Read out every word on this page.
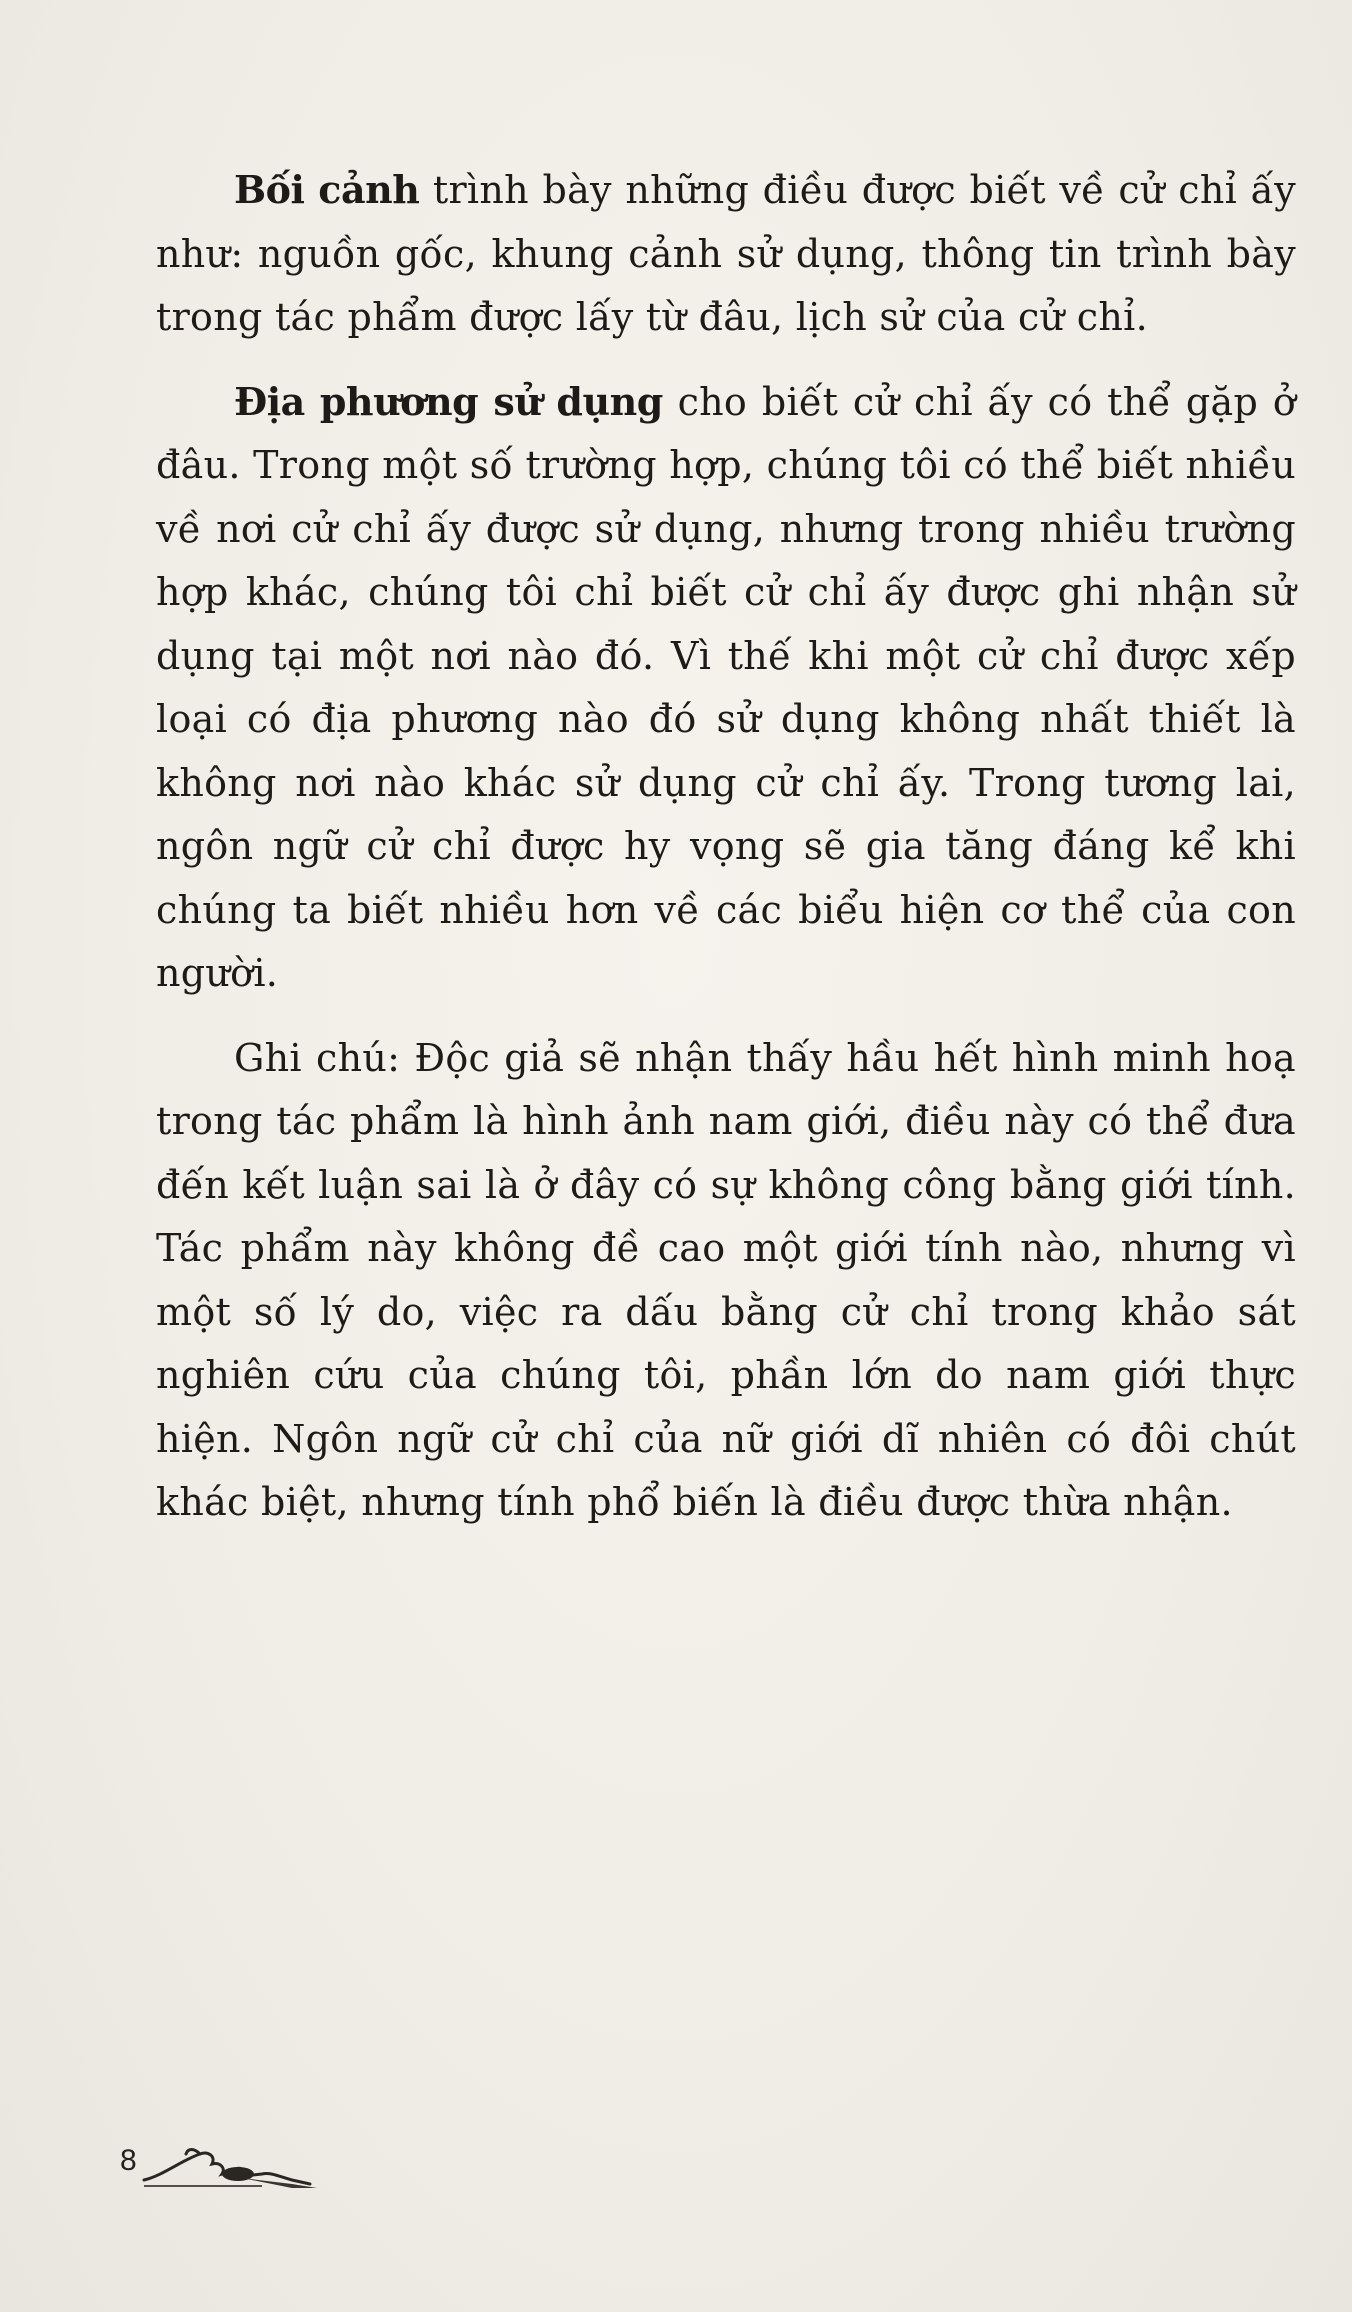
Bối cảnh trình bày những điều được biết về cử chỉ ấy như: nguồn gốc, khung cảnh sử dụng, thông tin trình bày trong tác phẩm được lấy từ đâu, lịch sử của cử chỉ.

Địa phương sử dụng cho biết cử chỉ ấy có thể gặp ở đâu. Trong một số trường hợp, chúng tôi có thể biết nhiều về nơi cử chỉ ấy được sử dụng, nhưng trong nhiều trường hợp khác, chúng tôi chỉ biết cử chỉ ấy được ghi nhận sử dụng tại một nơi nào đó. Vì thế khi một cử chỉ được xếp loại có địa phương nào đó sử dụng không nhất thiết là không nơi nào khác sử dụng cử chỉ ấy. Trong tương lai, ngôn ngữ cử chỉ được hy vọng sẽ gia tăng đáng kể khi chúng ta biết nhiều hơn về các biểu hiện cơ thể của con người.

Ghi chú: Độc giả sẽ nhận thấy hầu hết hình minh hoạ trong tác phẩm là hình ảnh nam giới, điều này có thể đưa đến kết luận sai là ở đây có sự không công bằng giới tính. Tác phẩm này không đề cao một giới tính nào, nhưng vì một số lý do, việc ra dấu bằng cử chỉ trong khảo sát nghiên cứu của chúng tôi, phần lớn do nam giới thực hiện. Ngôn ngữ cử chỉ của nữ giới dĩ nhiên có đôi chút khác biệt, nhưng tính phổ biến là điều được thừa nhận.

8
